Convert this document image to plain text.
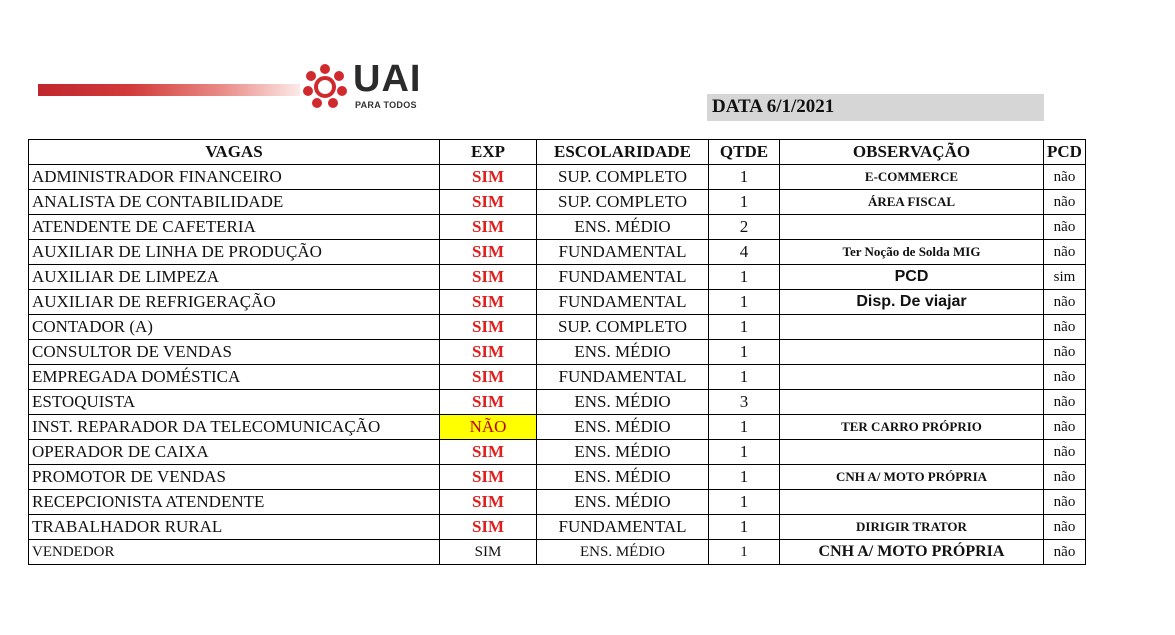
UAI
PARA TODOS	DATA 6/1/2021
VAGAS	EXP	ESCOLARIDADE	QTDE	OBSERVAÇÃO	PCD
ADMINISTRADOR FINANCEIRO	SIM	SUP. COMPLETO	1	E-COMMERCE	não
ANALISTA DE CONTABILIDADE	SIM	SUP. COMPLETO	1	ÁREA FISCAL	não
ATENDENTE DE CAFETERIA	SIM	ENS. MÉDIO	2		não
AUXILIAR DE LINHA DE PRODUÇÃO	SIM	FUNDAMENTAL	4	Ter Noção de Solda MIG	não
AUXILIAR DE LIMPEZA	SIM	FUNDAMENTAL	1	PCD	sim
AUXILIAR DE REFRIGERAÇÃO	SIM	FUNDAMENTAL	1	Disp. De viajar	não
CONTADOR (A)	SIM	SUP. COMPLETO	1		não
CONSULTOR DE VENDAS	SIM	ENS. MÉDIO	1		não
EMPREGADA DOMÉSTICA	SIM	FUNDAMENTAL	1		não
ESTOQUISTA	SIM	ENS. MÉDIO	3		não
INST. REPARADOR DA TELECOMUNICAÇÃO	NÃO	ENS. MÉDIO	1	TER CARRO PRÓPRIO	não
OPERADOR DE CAIXA	SIM	ENS. MÉDIO	1		não
PROMOTOR DE VENDAS	SIM	ENS. MÉDIO	1	CNH A/ MOTO PRÓPRIA	não
RECEPCIONISTA ATENDENTE	SIM	ENS. MÉDIO	1		não
TRABALHADOR RURAL	SIM	FUNDAMENTAL	1	DIRIGIR TRATOR	não
VENDEDOR	SIM	ENS. MÉDIO	1	CNH A/ MOTO PRÓPRIA	não
